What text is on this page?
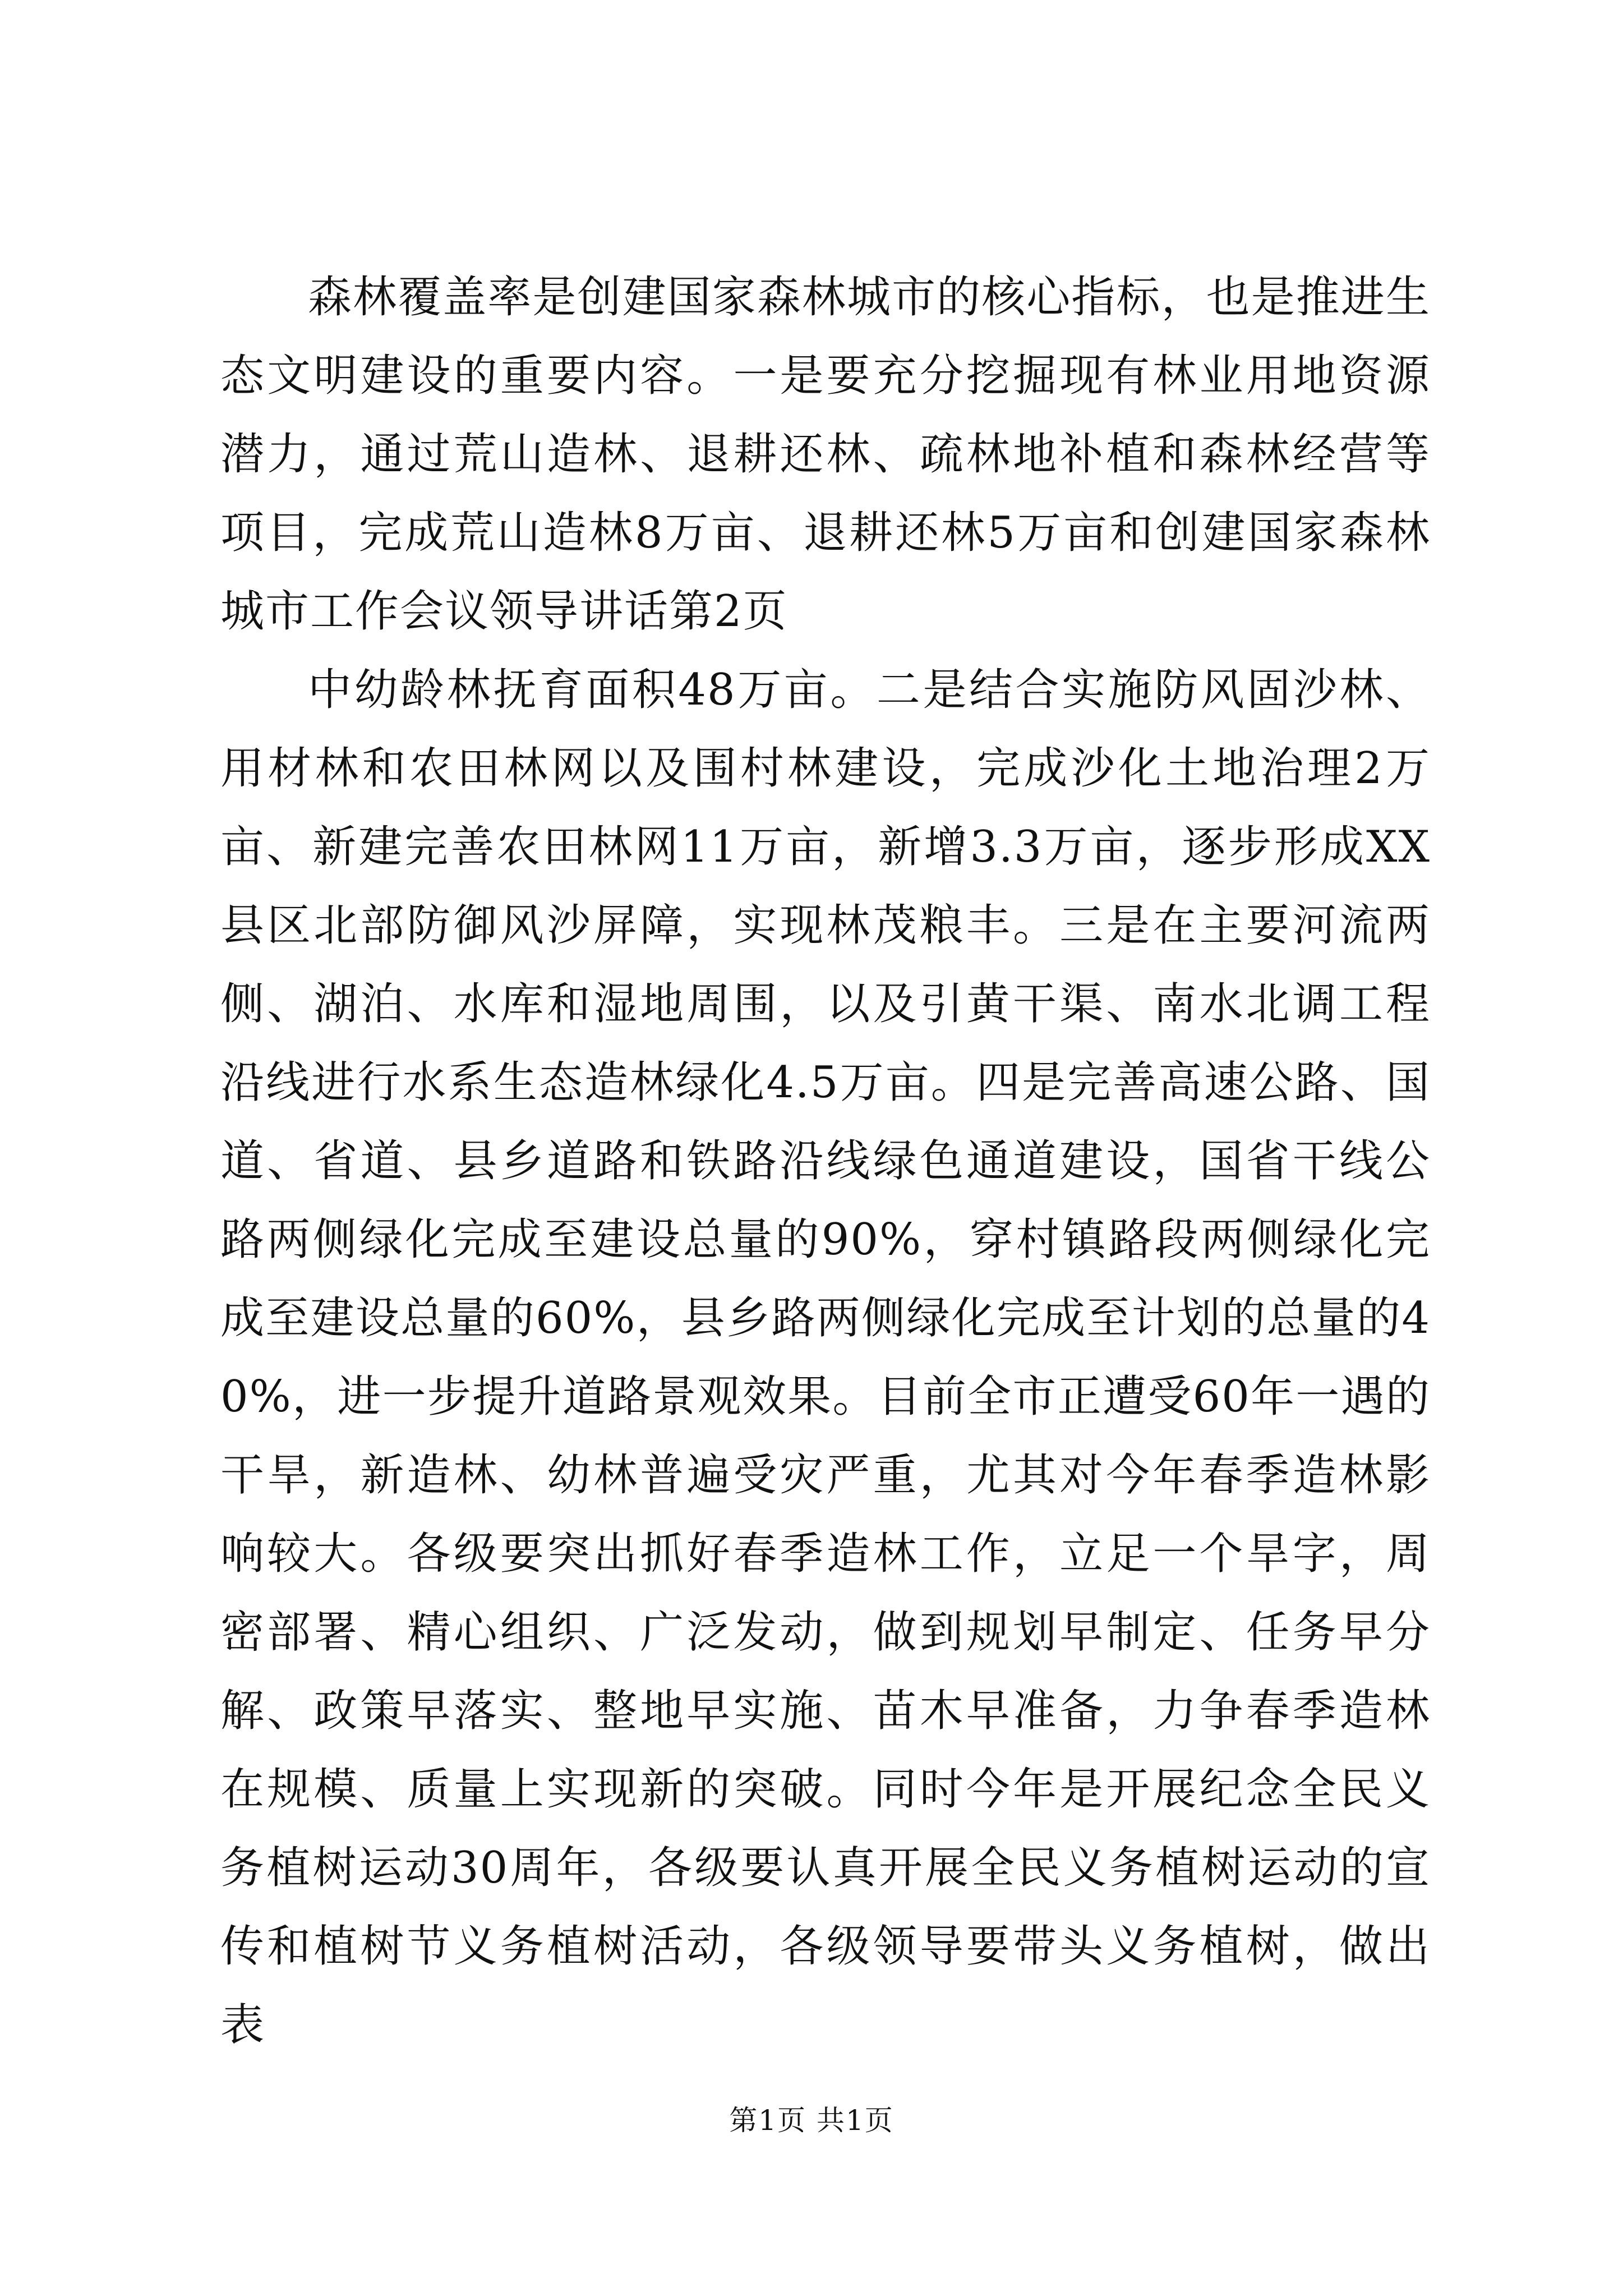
森林覆盖率是创建国家森林城市的核心指标，也是推进生态文明建设的重要内容。一是要充分挖掘现有林业用地资源潜力，通过荒山造林、退耕还林、疏林地补植和森林经营等项目，完成荒山造林8万亩、退耕还林5万亩和创建国家森林城市工作会议领导讲话第2页

中幼龄林抚育面积48万亩。二是结合实施防风固沙林、用材林和农田林网以及围村林建设，完成沙化土地治理2万亩、新建完善农田林网11万亩，新增3.3万亩，逐步形成XX县区北部防御风沙屏障，实现林茂粮丰。三是在主要河流两侧、湖泊、水库和湿地周围，以及引黄干渠、南水北调工程沿线进行水系生态造林绿化4.5万亩。四是完善高速公路、国道、省道、县乡道路和铁路沿线绿色通道建设，国省干线公路两侧绿化完成至建设总量的90%，穿村镇路段两侧绿化完成至建设总量的60%，县乡路两侧绿化完成至计划的总量的40%，进一步提升道路景观效果。目前全市正遭受60年一遇的干旱，新造林、幼林普遍受灾严重，尤其对今年春季造林影响较大。各级要突出抓好春季造林工作，立足一个旱字，周密部署、精心组织、广泛发动，做到规划早制定、任务早分解、政策早落实、整地早实施、苗木早准备，力争春季造林在规模、质量上实现新的突破。同时今年是开展纪念全民义务植树运动30周年，各级要认真开展全民义务植树运动的宣传和植树节义务植树活动，各级领导要带头义务植树，做出表

第1页 共1页
